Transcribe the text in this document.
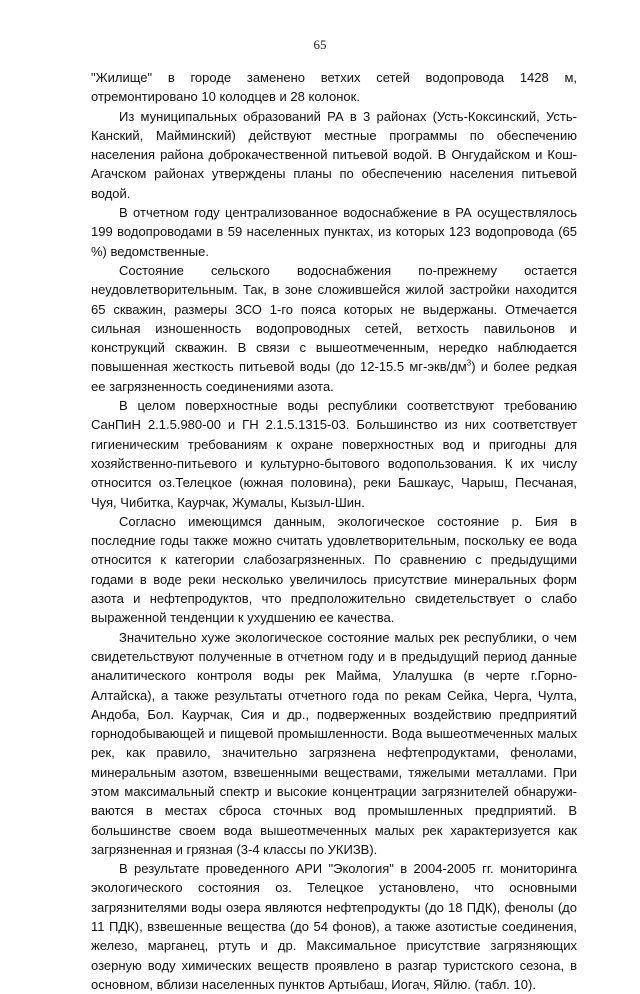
65

"Жилище" в городе заменено ветхих сетей водопровода 1428 м, отремонтировано 10 колодцев и 28 колонок.

Из муниципальных образований РА в 3 районах (Усть-Коксинский, Усть-Канский, Майминский) действуют местные программы по обеспечению населения района доброкачественной питьевой водой. В Онгудайском и Кош-Агачском районах утверждены планы по обеспечению населения питьевой водой.

В отчетном году централизованное водоснабжение в РА осуществлялось 199 водопроводами в 59 населенных пунктах, из которых 123 водопровода (65 %) ведомственные.

Состояние сельского водоснабжения по-прежнему остается неудовлетворительным. Так, в зоне сложившейся жилой застройки находится 65 скважин, размеры ЗСО 1-го пояса которых не выдержаны. Отмечается сильная изношенность водопроводных сетей, ветхость павильонов и конструкций скважин. В связи с вышеотмеченным, нередко наблюдается повышенная жесткость питьевой воды (до 12-15.5 $мг-экв/дм^3$) и более редкая ее загрязненность соединениями азота.

В целом поверхностные воды республики соответствуют требованию СанПиН 2.1.5.980-00 и ГН 2.1.5.1315-03. Большинство из них соответствует гигиеническим требованиям к охране поверхностных вод и пригодны для хозяйственно-питьевого и культурно-бытового водопользования. К их числу относится оз.Телецкое (южная половина), реки Башкаус, Чарыш, Песчаная, Чуя, Чибитка, Каурчак, Жумалы, Кызыл-Шин.

Согласно имеющимся данным, экологическое состояние р. Бия в последние годы также можно считать удовлетворительным, поскольку ее вода относится к категории слабозагрязненных. По сравнению с предыдущими годами в воде реки несколько увеличилось присутствие минеральных форм азота и нефтепродуктов, что предположительно свидетельствует о слабо выраженной тенденции к ухудшению ее качества.

Значительно хуже экологическое состояние малых рек республики, о чем свидетельствуют полученные в отчетном году и в предыдущий период данные аналитического контроля воды рек Майма, Улалушка (в черте г.Горно-Алтайска), а также результаты отчетного года по рекам Сейка, Черга, Чулта, Андоба, Бол. Каурчак, Сия и др., подверженных воздействию предприятий горнодобывающей и пищевой промышленности. Вода вышеотмеченных малых рек, как правило, значительно загрязнена нефтепродуктами, фенолами, минеральным азотом, взвешенными веществами, тяжелыми металлами. При этом максимальный спектр и высокие концентрации загрязнителей обнаруживаются в местах сброса сточных вод промышленных предприятий. В большинстве своем вода вышеотмеченных малых рек характеризуется как загрязненная и грязная (3-4 классы по УКИЗВ).

В результате проведенного АРИ "Экология" в 2004-2005 гг. мониторинга экологического состояния оз. Телецкое установлено, что основными загрязнителями воды озера являются нефтепродукты (до 18 ПДК), фенолы (до 11 ПДК), взвешенные вещества (до 54 фонов), а также азотистые соединения, железо, марганец, ртуть и др. Максимальное присутствие загрязняющих озерную воду химических веществ проявлено в разгар туристского сезона, в основном, вблизи населенных пунктов Артыбаш, Иогач, Яйлю. (табл. 10).
